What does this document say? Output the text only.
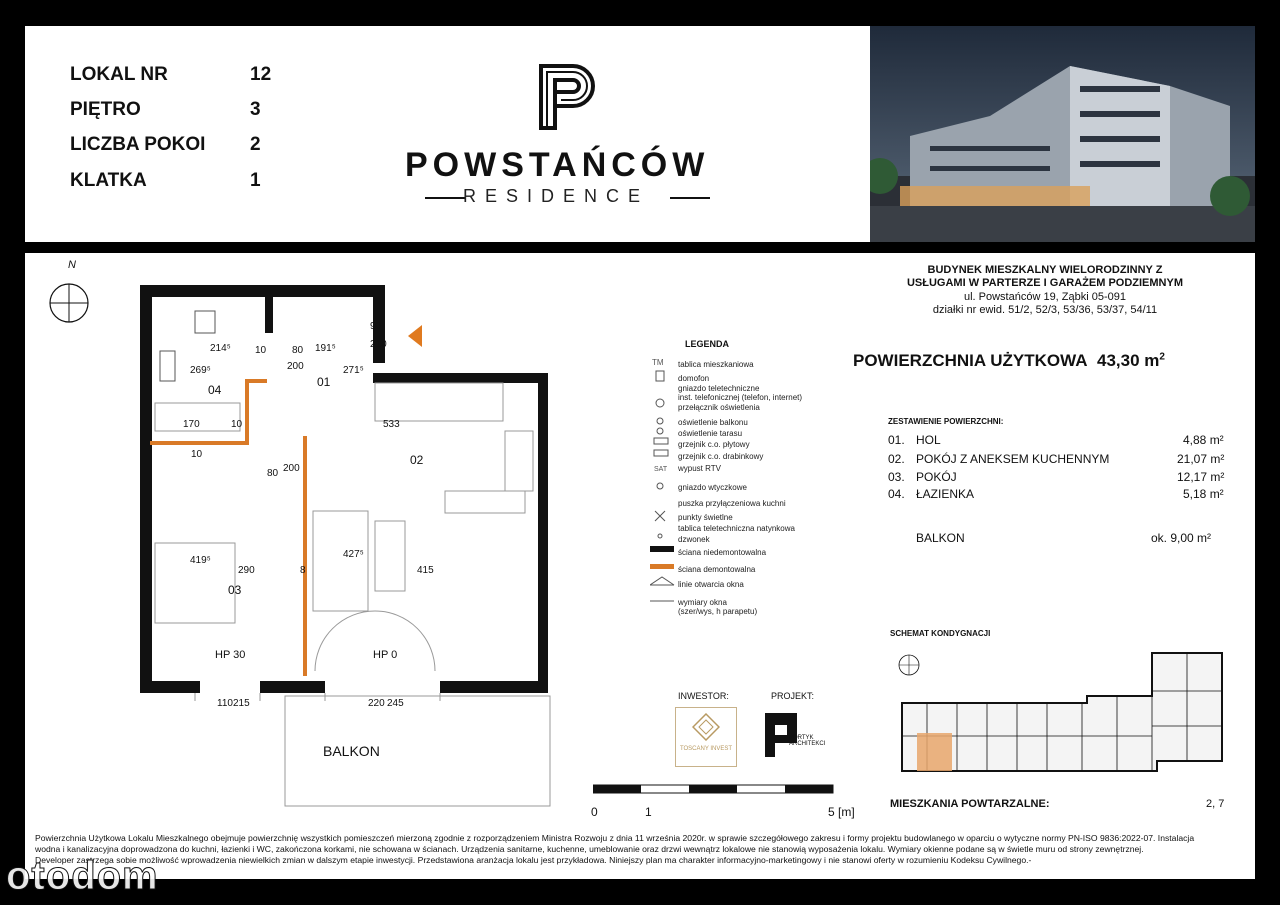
LOKAL NR	12
PIĘTRO	3
LICZBA POKOI 2
KLATKA	1	POWSTAŃCÓW
RESIDENCE
N
04
01
02
03
BALKON
HP 30	HP 0
214⁵ 10	80 191⁵
90
210
269⁵	200	271⁵
533
170	10
10
80 200
419⁵
290	8
427⁵
415
110 215	220 245
LEGENDA
tablica mieszkaniowa
domofon
gniazdo teletechniczne
inst. telefonicznej (telefon, internet)
przełącznik oświetlenia
oświetlenie balkonu
oświetlenie tarasu
grzejnik c.o. płytowy
grzejnik c.o. drabinkowy
wypust RTV
gniazdo wtyczkowe
puszka przyłączeniowa kuchni
punkty świetlne
tablica teletechniczna natynkowa
dzwonek
ściana niedemontowalna
ściana demontowalna
linie otwarcia okna
wymiary okna
(szer/wys, h parapetu)
TM
SAT
INWESTOR:
TOSCANY INVEST
PROJEKT:
PORTYK ARCHITEKCI
0	1	5 [m]
BUDYNEK MIESZKALNY WIELORODZINNY Z
USŁUGAMI W PARTERZE I GARAŻEM PODZIEMNYM
ul. Powstańców 19, Ząbki 05-091
działki nr ewid. 51/2, 52/3, 53/36, 53/37, 54/11
POWIERZCHNIA UŻYTKOWA 43,30 $m^2$
ZESTAWIENIE POWIERZCHNI:
01. HOL	4,88 m²
02. POKÓJ Z ANEKSEM KUCHENNYM	21,07 m²
03. POKÓJ	12,17 m²
04. ŁAZIENKA	5,18 m²
BALKON	ok. 9,00 m²
SCHEMAT KONDYGNACJI
MIESZKANIA POWTARZALNE:	2, 7
Powierzchnia Użytkowa Lokalu Mieszkalnego obejmuje powierzchnię wszystkich pomieszczeń mierzoną zgodnie z rozporządzeniem Ministra Rozwoju z dnia 11 września 2020r. w sprawie szczegółowego zakresu i formy projektu budowlanego w oparciu o wytyczne normy PN-ISO 9836:2022-07. Instalacja
wodna i kanalizacyjna doprowadzona do kuchni, łazienki i WC, zakończona korkami, nie schowana w ścianach. Urządzenia sanitarne, kuchenne, umeblowanie oraz drzwi wewnątrz lokalowe nie stanowią wyposażenia lokalu. Wymiary okienne podane są w świetle muru od strony zewnętrznej.
Developer zastrzega sobie możliwość wprowadzenia niewielkich zmian w dalszym etapie inwestycji. Przedstawiona aranżacja lokalu jest przykładowa. Niniejszy plan ma charakter informacyjno-marketingowy i nie stanowi oferty w rozumieniu Kodeksu Cywilnego.-
otodom
